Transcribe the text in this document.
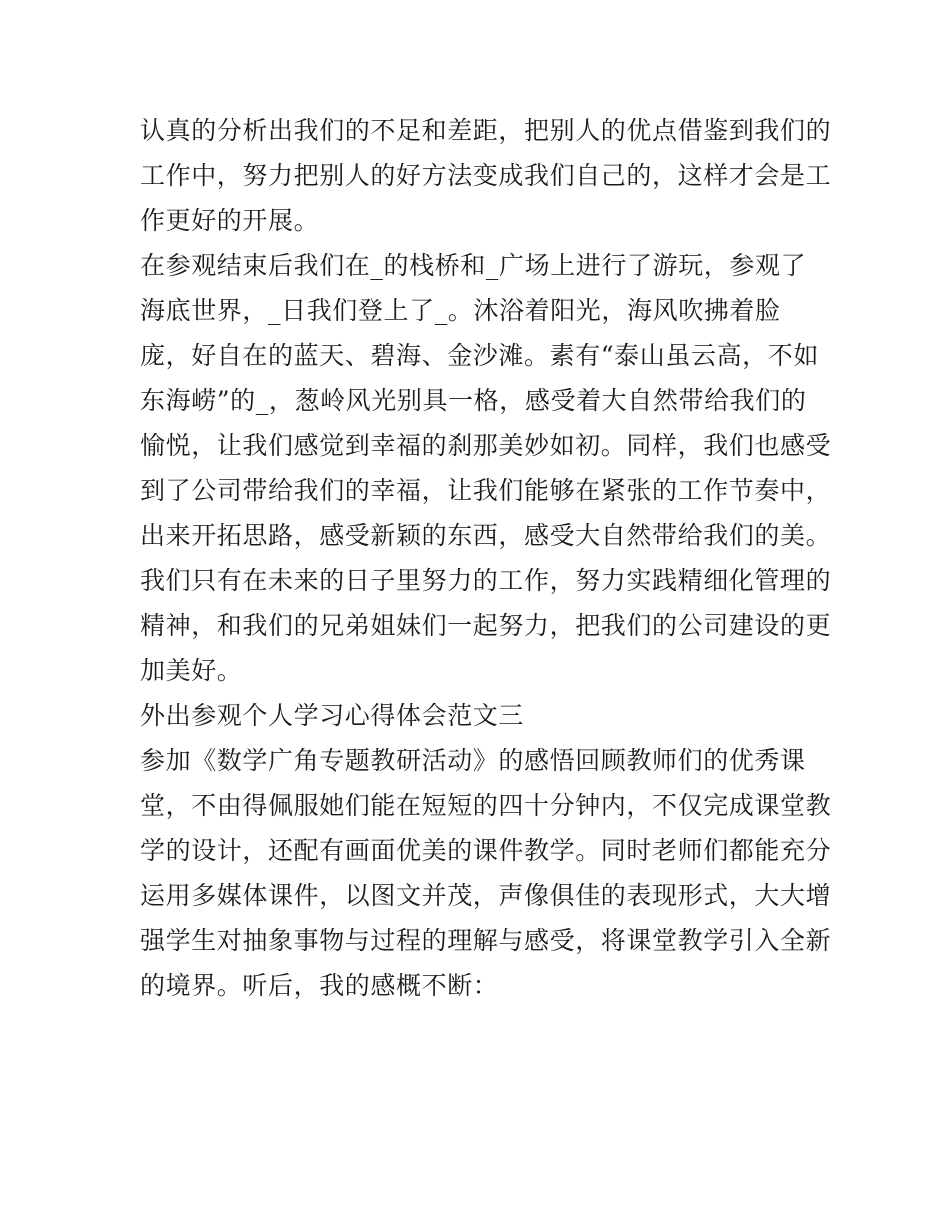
认真的分析出我们的不足和差距，把别人的优点借鉴到我们的
工作中，努力把别人的好方法变成我们自己的，这样才会是工
作更好的开展。
在参观结束后我们在_的栈桥和_广场上进行了游玩，参观了
海底世界，_日我们登上了_。沐浴着阳光，海风吹拂着脸
庞，好自在的蓝天、碧海、金沙滩。素有“泰山虽云高，不如
东海崂”的_，葱岭风光别具一格，感受着大自然带给我们的
愉悦，让我们感觉到幸福的刹那美妙如初。同样，我们也感受
到了公司带给我们的幸福，让我们能够在紧张的工作节奏中，
出来开拓思路，感受新颖的东西，感受大自然带给我们的美。
我们只有在未来的日子里努力的工作，努力实践精细化管理的
精神，和我们的兄弟姐妹们一起努力，把我们的公司建设的更
加美好。
外出参观个人学习心得体会范文三
参加《数学广角专题教研活动》的感悟回顾教师们的优秀课
堂，不由得佩服她们能在短短的四十分钟内，不仅完成课堂教
学的设计，还配有画面优美的课件教学。同时老师们都能充分
运用多媒体课件，以图文并茂，声像俱佳的表现形式，大大增
强学生对抽象事物与过程的理解与感受，将课堂教学引入全新
的境界。听后，我的感概不断：
